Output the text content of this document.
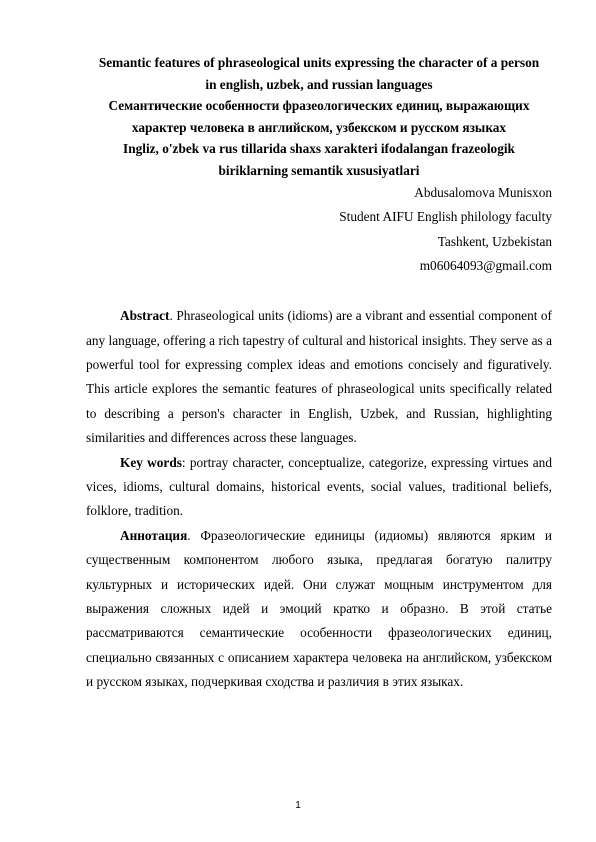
Semantic features of phraseological units expressing the character of a person
in english, uzbek, and russian languages
Семантические особенности фразеологических единиц, выражающих
характер человека в английском, узбекском и русском языках
Ingliz, o'zbek va rus tillarida shaxs xarakteri ifodalangan frazeologik
biriklarning semantik xususiyatlari
Abdusalomova Munisxon
Student AIFU English philology faculty
Tashkent, Uzbekistan
m06064093@gmail.com

Abstract. Phraseological units (idioms) are a vibrant and essential component of any language, offering a rich tapestry of cultural and historical insights. They serve as a powerful tool for expressing complex ideas and emotions concisely and figuratively. This article explores the semantic features of phraseological units specifically related to describing a person's character in English, Uzbek, and Russian, highlighting similarities and differences across these languages.

Key words: portray character, conceptualize, categorize, expressing virtues and vices, idioms, cultural domains, historical events, social values, traditional beliefs, folklore, tradition.

Аннотация. Фразеологические единицы (идиомы) являются ярким и существенным компонентом любого языка, предлагая богатую палитру культурных и исторических идей. Они служат мощным инструментом для выражения сложных идей и эмоций кратко и образно. В этой статье рассматриваются семантические особенности фразеологических единиц, специально связанных с описанием характера человека на английском, узбекском и русском языках, подчеркивая сходства и различия в этих языках.

1
